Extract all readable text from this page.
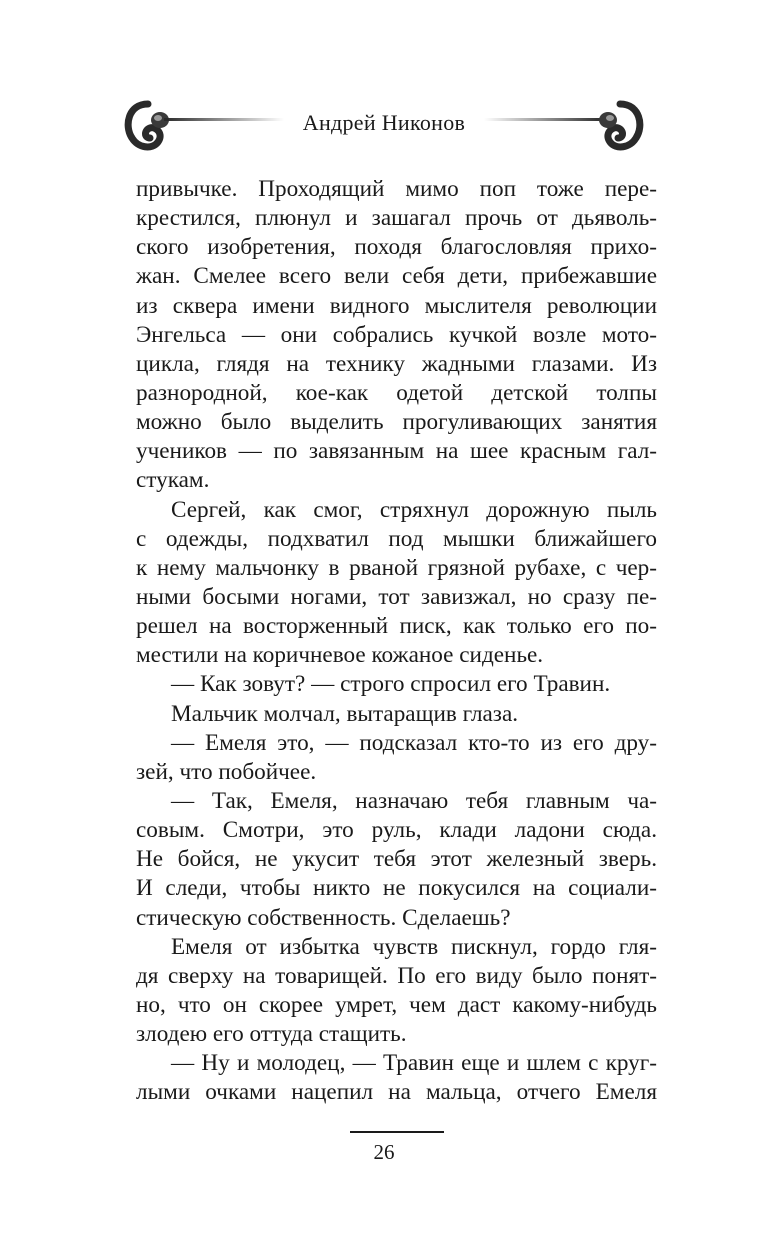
Андрей Никонов
привычке. Проходящий мимо поп тоже пере-
крестился, плюнул и зашагал прочь от дьяволь-
ского изобретения, походя благословляя прихо-
жан. Смелее всего вели себя дети, прибежавшие
из сквера имени видного мыслителя революции
Энгельса — они собрались кучкой возле мото-
цикла, глядя на технику жадными глазами. Из
разнородной, кое-как одетой детской толпы
можно было выделить прогуливающих занятия
учеников — по завязанным на шее красным гал-
стукам.
Сергей, как смог, стряхнул дорожную пыль
с одежды, подхватил под мышки ближайшего
к нему мальчонку в рваной грязной рубахе, с чер-
ными босыми ногами, тот завизжал, но сразу пе-
решел на восторженный писк, как только его по-
местили на коричневое кожаное сиденье.
— Как зовут? — строго спросил его Травин.
Мальчик молчал, вытаращив глаза.
— Емеля это, — подсказал кто-то из его дру-
зей, что побойчее.
— Так, Емеля, назначаю тебя главным ча-
совым. Смотри, это руль, клади ладони сюда.
Не бойся, не укусит тебя этот железный зверь.
И следи, чтобы никто не покусился на социали-
стическую собственность. Сделаешь?
Емеля от избытка чувств пискнул, гордо гля-
дя сверху на товарищей. По его виду было понят-
но, что он скорее умрет, чем даст какому-нибудь
злодею его оттуда стащить.
— Ну и молодец, — Травин еще и шлем с круг-
лыми очками нацепил на мальца, отчего Емеля
26
